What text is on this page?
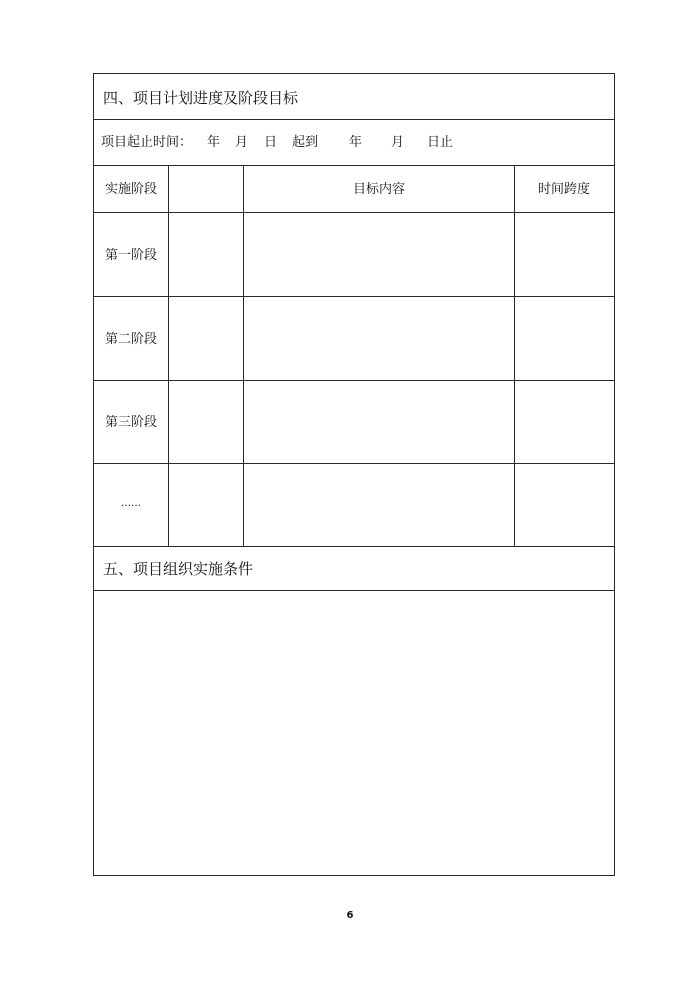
四、项目计划进度及阶段目标
项目起止时间： 年 月 日 起到 年 月 日止
实施阶段	目标内容	时间跨度
第一阶段
第二阶段
第三阶段
……
五、项目组织实施条件
6
